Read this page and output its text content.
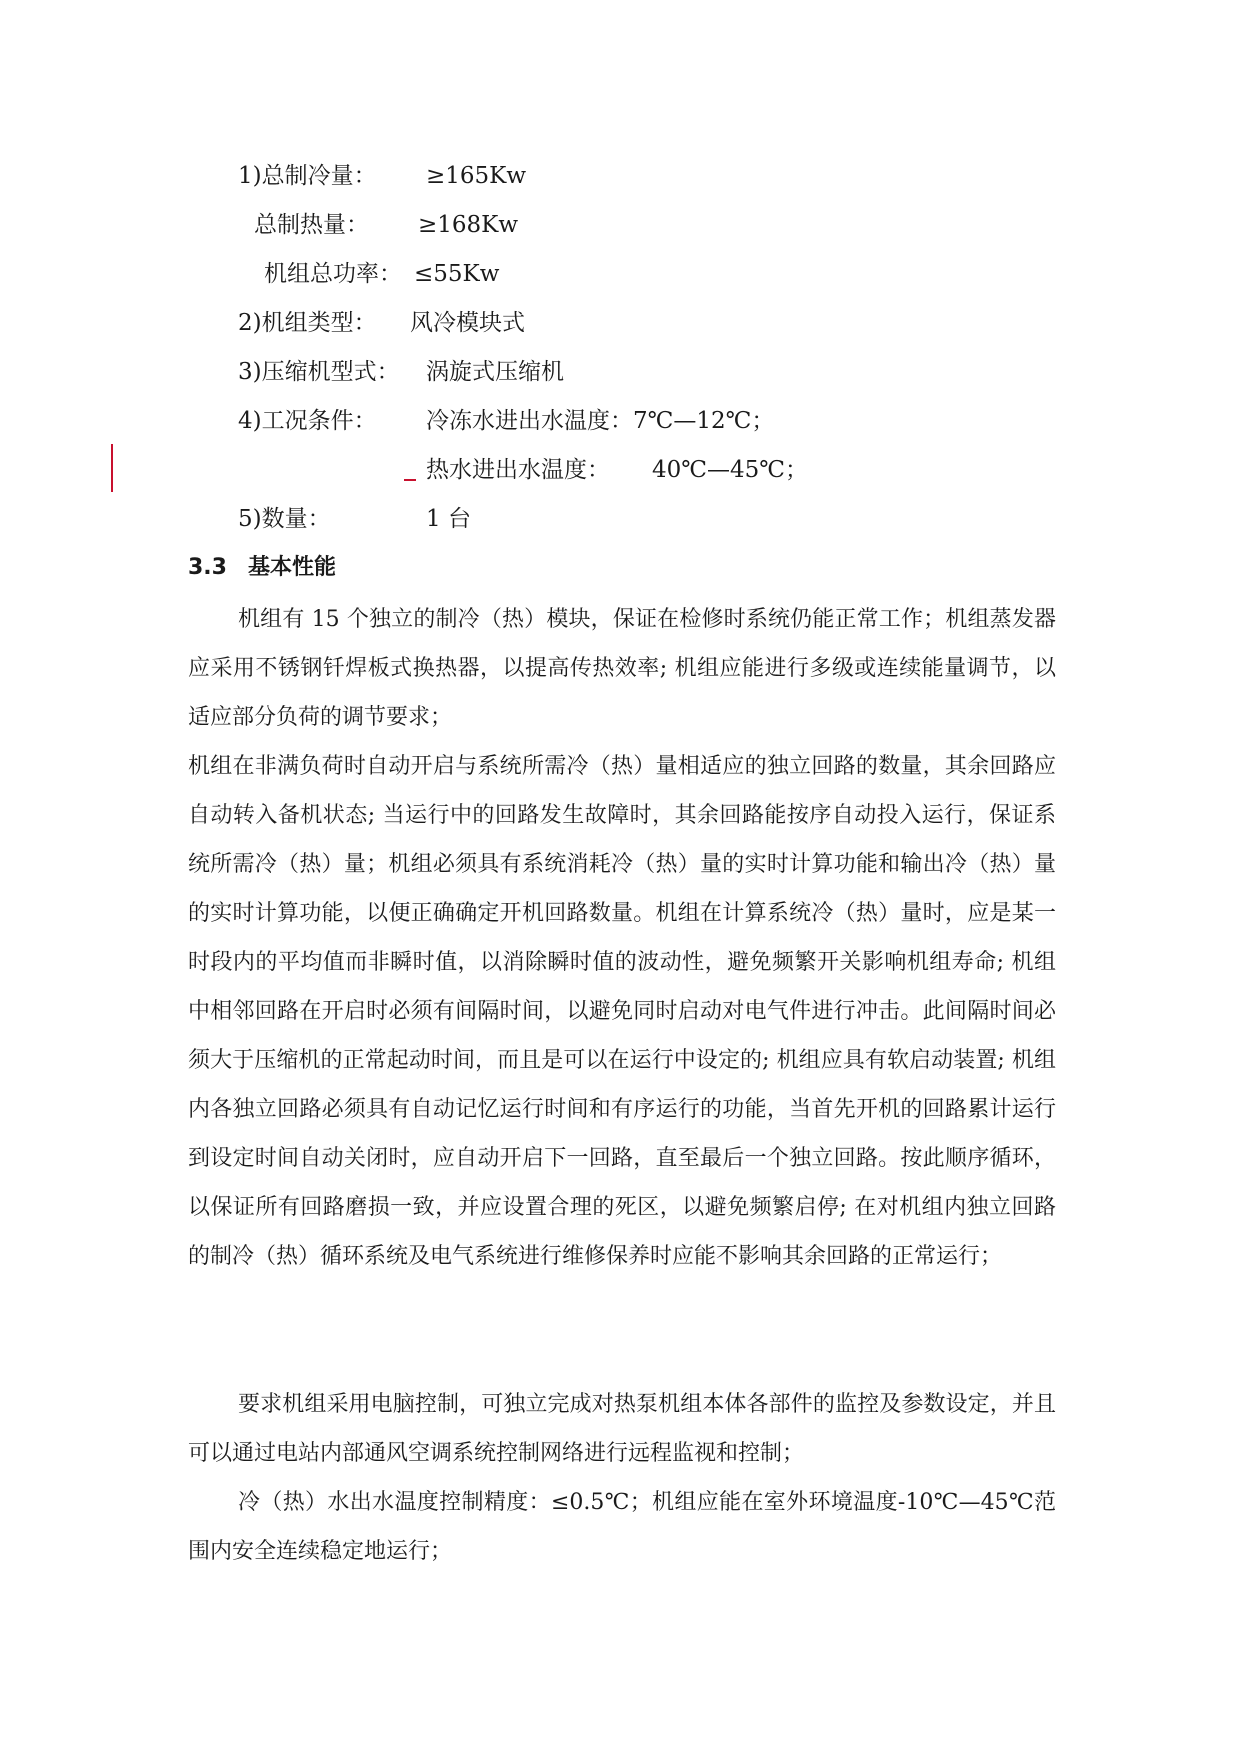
1)总制冷量： ≥165Kw
总制热量： ≥168Kw
机组总功率： ≤55Kw
2)机组类型： 风冷模块式
3)压缩机型式： 涡旋式压缩机
4)工况条件： 冷冻水进出水温度：7℃—12℃；
热水进出水温度： 40℃—45℃；
5)数量：	1 台
3.3 基本性能

机组有 15 个独立的制冷（热）模块，保证在检修时系统仍能正常工作；机组蒸发器应采用不锈钢钎焊板式换热器，以提高传热效率; 机组应能进行多级或连续能量调节，以适应部分负荷的调节要求；

机组在非满负荷时自动开启与系统所需冷（热）量相适应的独立回路的数量，其余回路应自动转入备机状态; 当运行中的回路发生故障时，其余回路能按序自动投入运行，保证系统所需冷（热）量；机组必须具有系统消耗冷（热）量的实时计算功能和输出冷（热）量的实时计算功能，以便正确确定开机回路数量。机组在计算系统冷（热）量时，应是某一时段内的平均值而非瞬时值，以消除瞬时值的波动性，避免频繁开关影响机组寿命; 机组中相邻回路在开启时必须有间隔时间，以避免同时启动对电气件进行冲击。此间隔时间必须大于压缩机的正常起动时间，而且是可以在运行中设定的; 机组应具有软启动装置; 机组内各独立回路必须具有自动记忆运行时间和有序运行的功能，当首先开机的回路累计运行到设定时间自动关闭时，应自动开启下一回路，直至最后一个独立回路。按此顺序循环，以保证所有回路磨损一致，并应设置合理的死区，以避免频繁启停; 在对机组内独立回路的制冷（热）循环系统及电气系统进行维修保养时应能不影响其余回路的正常运行；

要求机组采用电脑控制，可独立完成对热泵机组本体各部件的监控及参数设定，并且可以通过电站内部通风空调系统控制网络进行远程监视和控制；

冷（热）水出水温度控制精度：≤0.5℃；机组应能在室外环境温度-10℃—45℃范围内安全连续稳定地运行；
